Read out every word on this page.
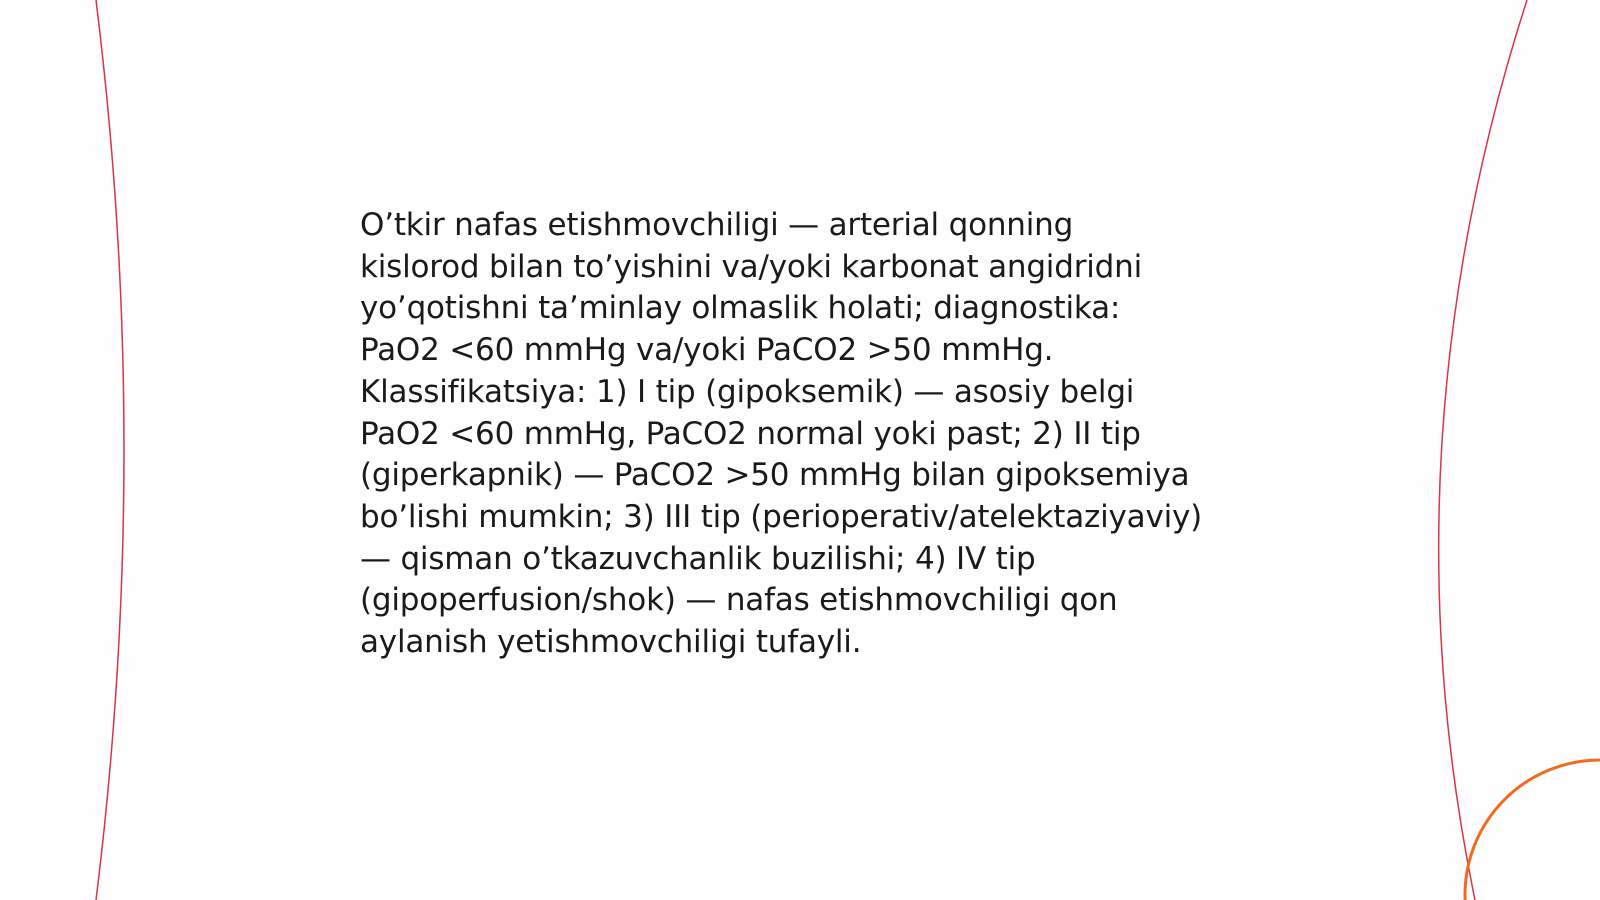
O’tkir nafas etishmovchiligi — arterial qonning
kislorod bilan to’yishini va/yoki karbonat angidridni
yo’qotishni ta’minlay olmaslik holati; diagnostika:
PaO2 <60 mmHg va/yoki PaCO2 >50 mmHg.
Klassifikatsiya: 1) I tip (gipoksemik) — asosiy belgi
PaO2 <60 mmHg, PaCO2 normal yoki past; 2) II tip
(giperkapnik) — PaCO2 >50 mmHg bilan gipoksemiya
bo’lishi mumkin; 3) III tip (perioperativ/atelektaziyaviy)
— qisman o’tkazuvchanlik buzilishi; 4) IV tip
(gipoperfusion/shok) — nafas etishmovchiligi qon
aylanish yetishmovchiligi tufayli.
